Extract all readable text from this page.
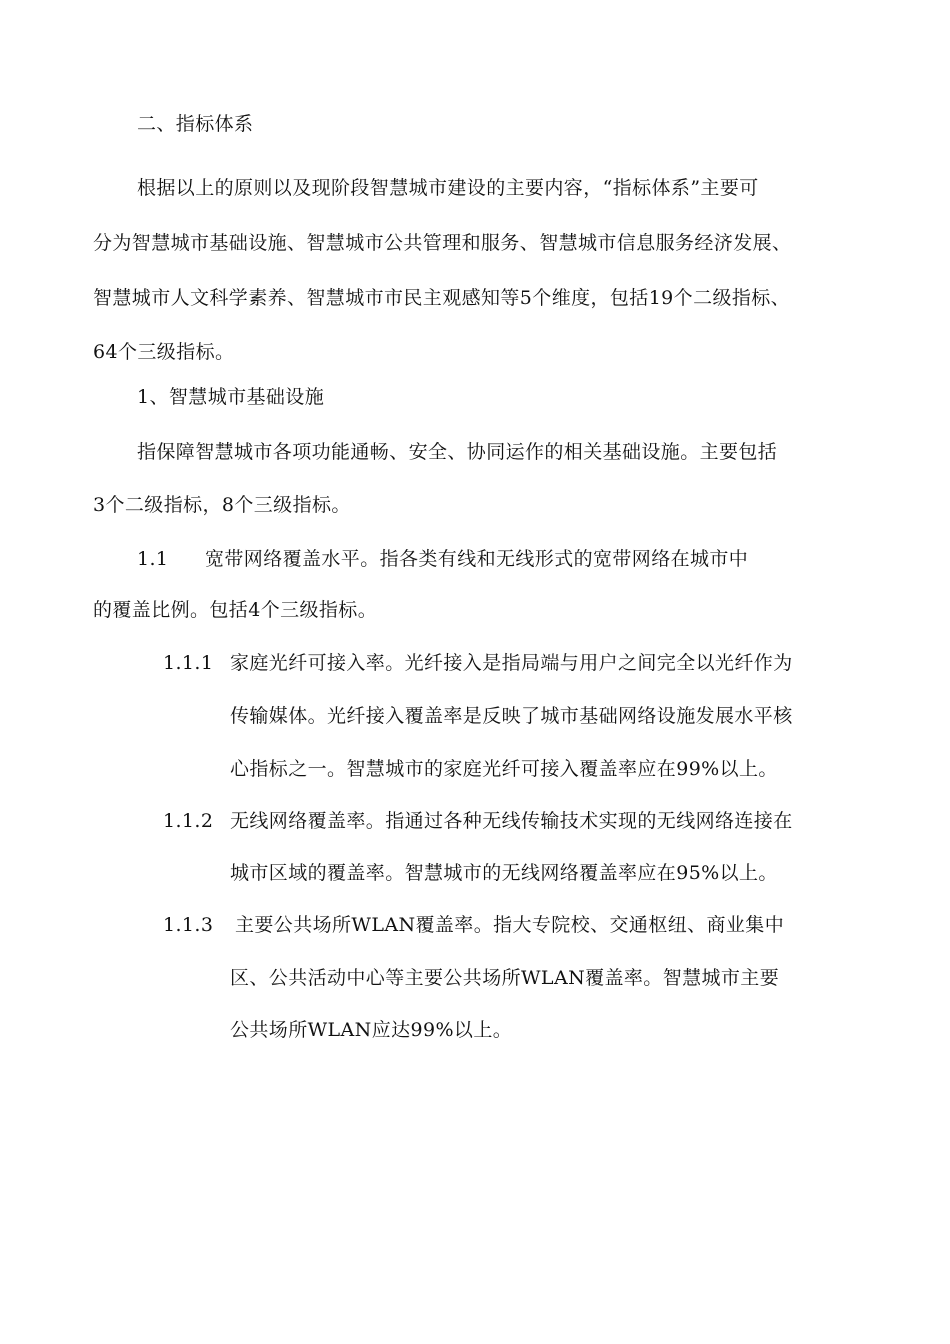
二、指标体系
根据以上的原则以及现阶段智慧城市建设的主要内容，“指标体系”主要可
分为智慧城市基础设施、智慧城市公共管理和服务、智慧城市信息服务经济发展、
智慧城市人文科学素养、智慧城市市民主观感知等5个维度，包括19个二级指标、
64个三级指标。
1、智慧城市基础设施
指保障智慧城市各项功能通畅、安全、协同运作的相关基础设施。主要包括
3个二级指标，8个三级指标。
1.1 宽带网络覆盖水平。指各类有线和无线形式的宽带网络在城市中
的覆盖比例。包括4个三级指标。
1.1.1 家庭光纤可接入率。光纤接入是指局端与用户之间完全以光纤作为
传输媒体。光纤接入覆盖率是反映了城市基础网络设施发展水平核
心指标之一。智慧城市的家庭光纤可接入覆盖率应在99%以上。
1.1.2 无线网络覆盖率。指通过各种无线传输技术实现的无线网络连接在
城市区域的覆盖率。智慧城市的无线网络覆盖率应在95%以上。
1.1.3 主要公共场所WLAN覆盖率。指大专院校、交通枢纽、商业集中
区、公共活动中心等主要公共场所WLAN覆盖率。智慧城市主要
公共场所WLAN应达99%以上。
